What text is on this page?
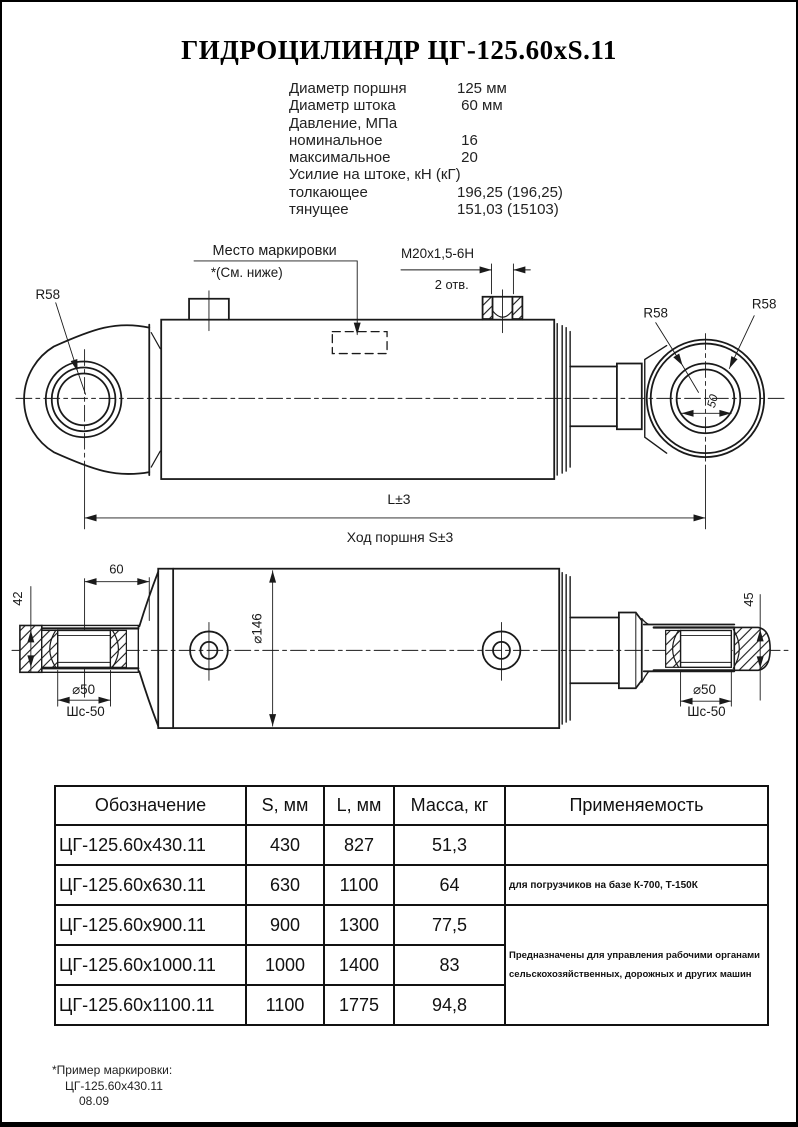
ГИДРОЦИЛИНДР ЦГ-125.60xS.11
Диаметр поршня	125 мм
Диаметр штока	60 мм
Давление, МПа
номинальное	16
максимальное	20
Усилие на штоке, кН (кГ)
толкающее	196,25 (196,25)
тянущее	151,03 (15103)
Место маркировки
*(См. ниже)
M20x1,5-6H
2 отв.
R58
R58
R58
50
L±3
Ход поршня S±3
60
42
⌀146
45
⌀50
Шс-50
⌀50
Шс-50
Обозначение	S, мм	L, мм	Масса, кг	Применяемость
ЦГ-125.60x430.11	430	827	51,3	
ЦГ-125.60x630.11	630	1100	64	для погрузчиков на базе К-700, Т-150К
ЦГ-125.60x900.11	900	1300	77,5	Предназначены для управления рабочими органами сельскохозяйственных, дорожных и других машин
ЦГ-125.60x1000.11	1000	1400	83	
ЦГ-125.60x1100.11	1100	1775	94,8	
*Пример маркировки:
ЦГ-125.60x430.11
08.09
